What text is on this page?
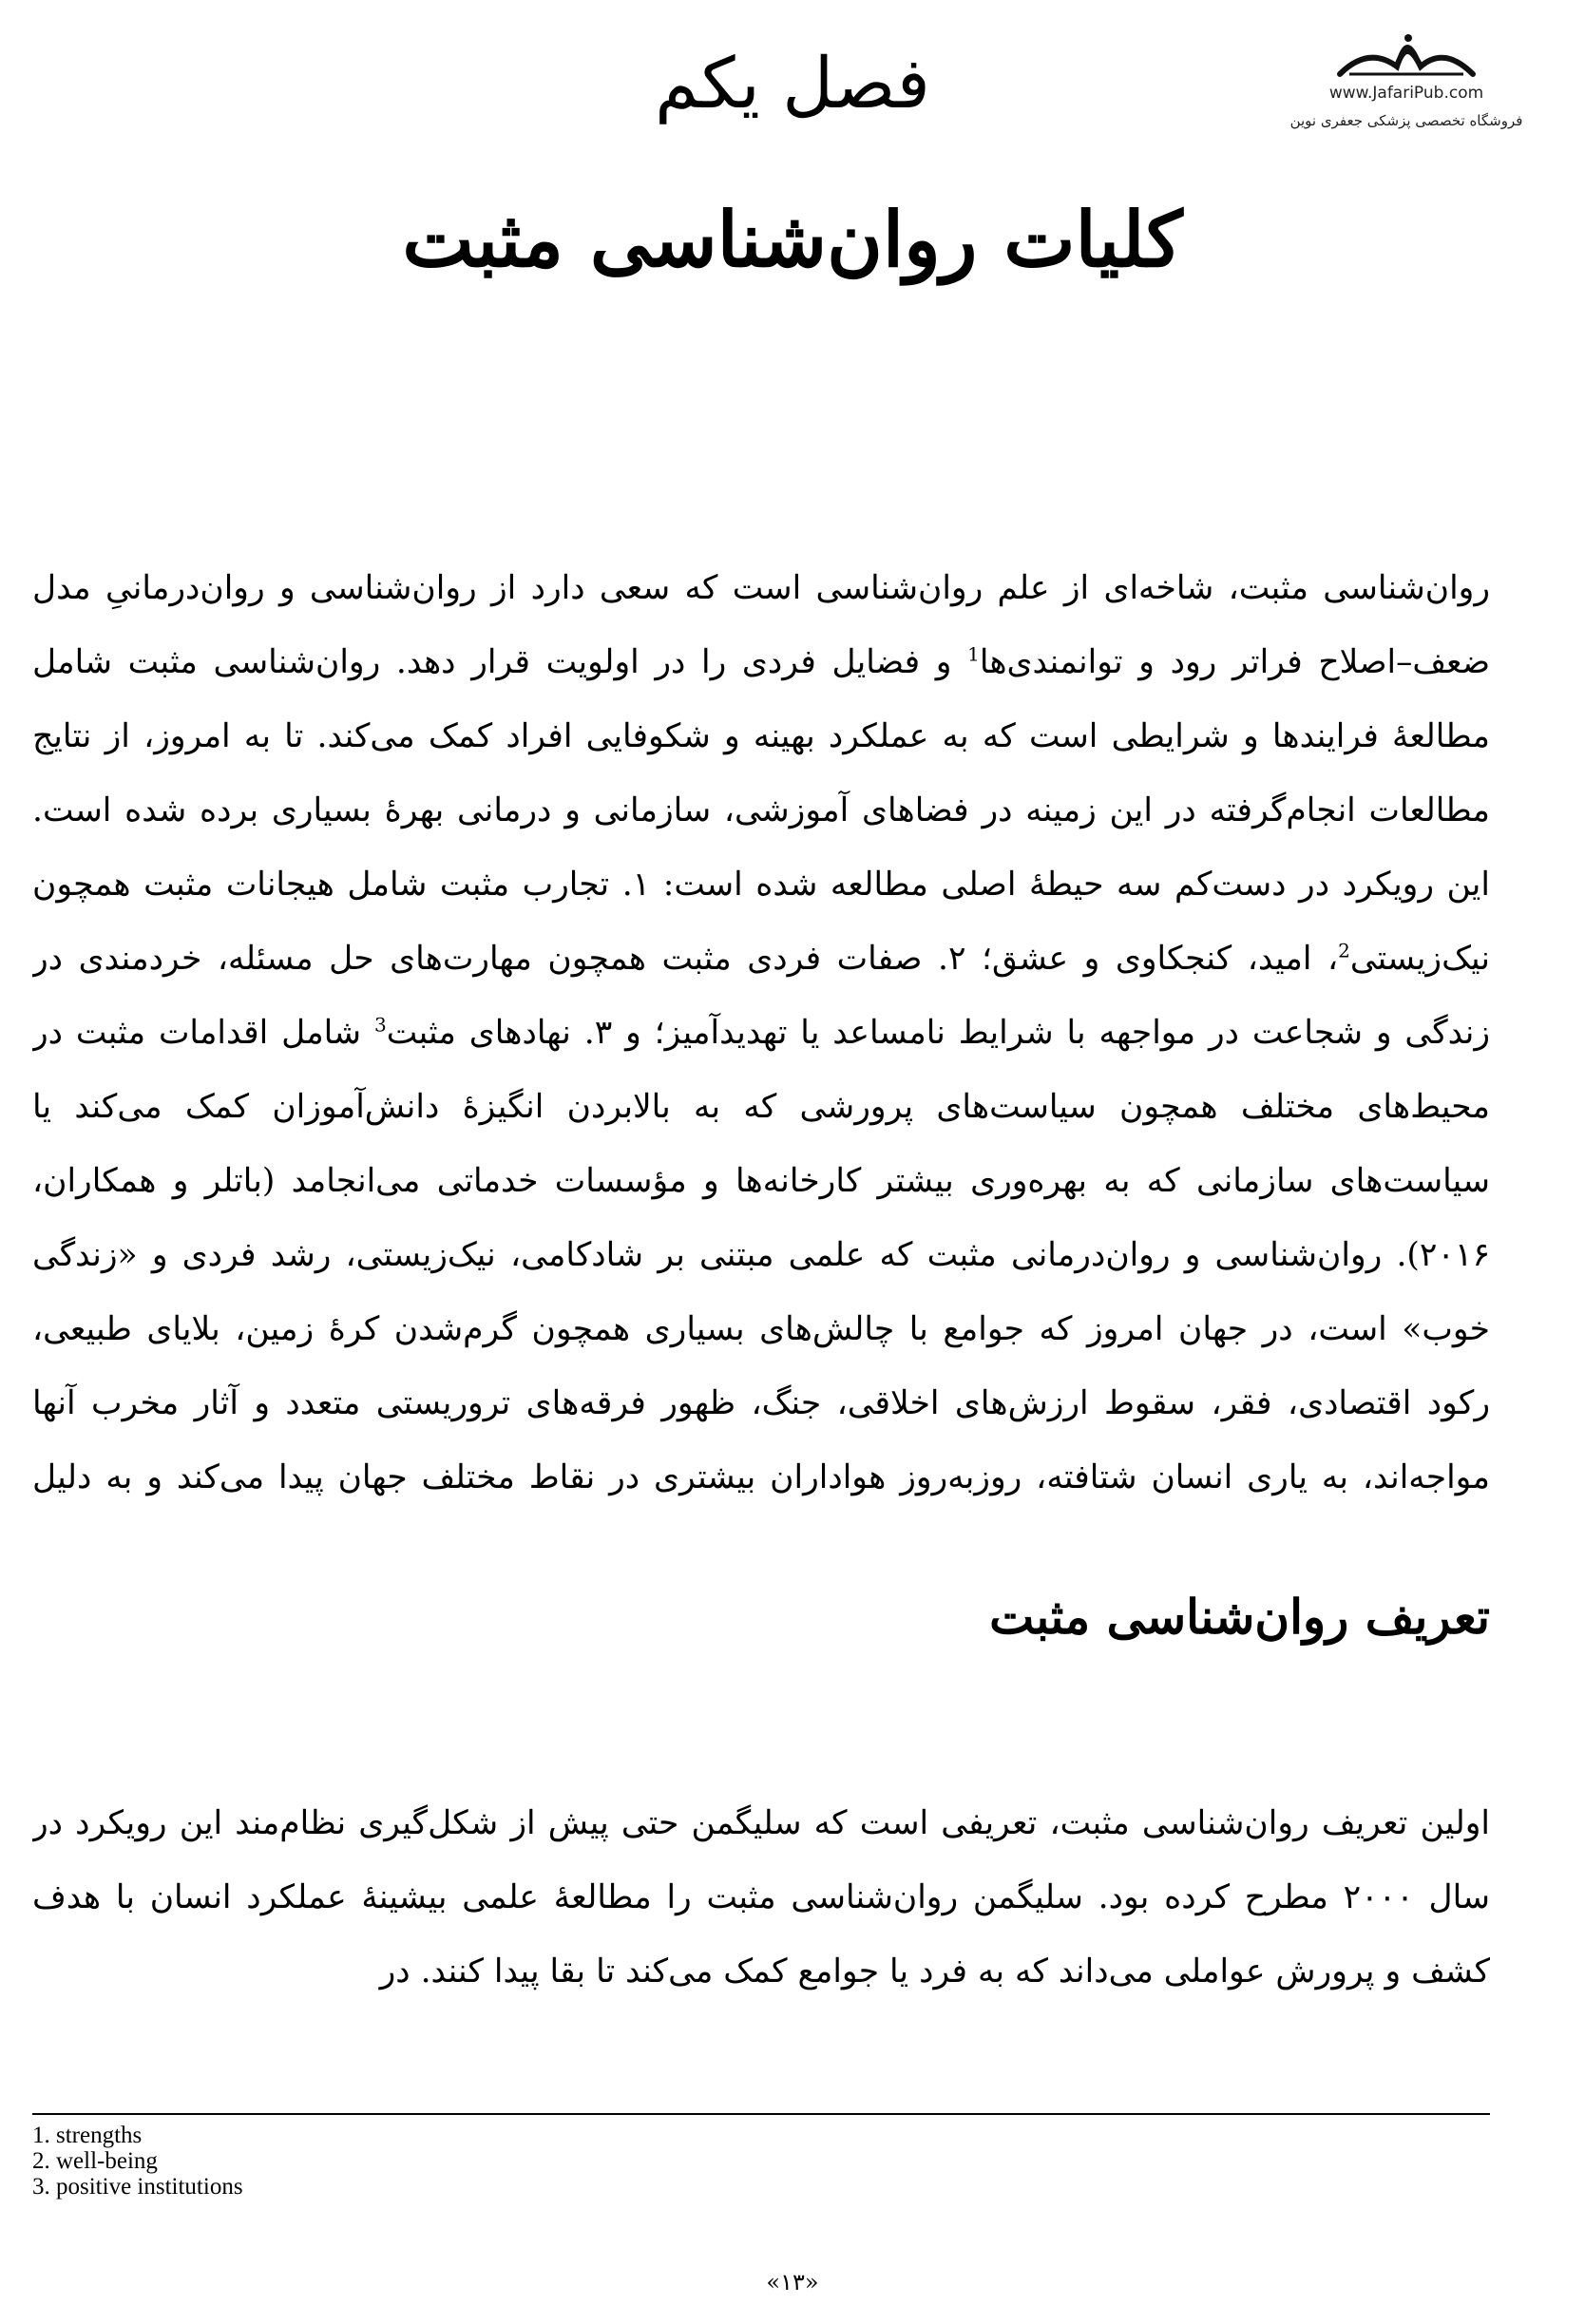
www.JafariPub.com
فروشگاه تخصصی پزشکی جعفری نوین
فصل یکم
کلیات روان‌شناسی مثبت

روان‌شناسی مثبت، شاخه‌ای از علم روان‌شناسی است که سعی دارد از روان‌شناسی و روان‌درمانیِ مدل ضعف–اصلاح فراتر رود و توانمندی‌ها$^1$ و فضایل فردی را در اولویت قرار دهد. روان‌شناسی مثبت شامل مطالعهٔ فرایندها و شرایطی است که به عملکرد بهینه و شکوفایی افراد کمک می‌کند. تا به امروز، از نتایج مطالعات انجام‌گرفته در این زمینه در فضاهای آموزشی، سازمانی و درمانی بهرهٔ بسیاری برده شده است. این رویکرد در دست‌کم سه حیطهٔ اصلی مطالعه شده است: ۱. تجارب مثبت شامل هیجانات مثبت همچون نیک‌زیستی$^2$، امید، کنجکاوی و عشق؛ ۲. صفات فردی مثبت همچون مهارت‌های حل مسئله، خردمندی در زندگی و شجاعت در مواجهه با شرایط نامساعد یا تهدیدآمیز؛ و ۳. نهادهای مثبت$^3$ شامل اقدامات مثبت در محیط‌های مختلف همچون سیاست‌های پرورشی که به بالابردن انگیزهٔ دانش‌آموزان کمک می‌کند یا سیاست‌های سازمانی که به بهره‌وری بیشتر کارخانه‌ها و مؤسسات خدماتی می‌انجامد (باتلر و همکاران، ۲۰۱۶). روان‌شناسی و روان‌درمانی مثبت که علمی مبتنی بر شادکامی، نیک‌زیستی، رشد فردی و «زندگی خوب» است، در جهان امروز که جوامع با چالش‌های بسیاری همچون گرم‌شدن کرهٔ زمین، بلایای طبیعی، رکود اقتصادی، فقر، سقوط ارزش‌های اخلاقی، جنگ، ظهور فرقه‌های تروریستی متعدد و آثار مخرب آنها مواجه‌اند، به یاری انسان شتافته، روزبه‌روز هواداران بیشتری در نقاط مختلف جهان پیدا می‌کند و به دلیل

تعریف روان‌شناسی مثبت

اولین تعریف روان‌شناسی مثبت، تعریفی است که سلیگمن حتی پیش از شکل‌گیری نظام‌مند این رویکرد در سال ۲۰۰۰ مطرح کرده بود. سلیگمن روان‌شناسی مثبت را مطالعهٔ علمی بیشینهٔ عملکرد انسان با هدف کشف و پرورش عواملی می‌داند که به فرد یا جوامع کمک می‌کند تا بقا پیدا کنند. در

1. strengths
2. well-being
3. positive institutions
«۱۳»
